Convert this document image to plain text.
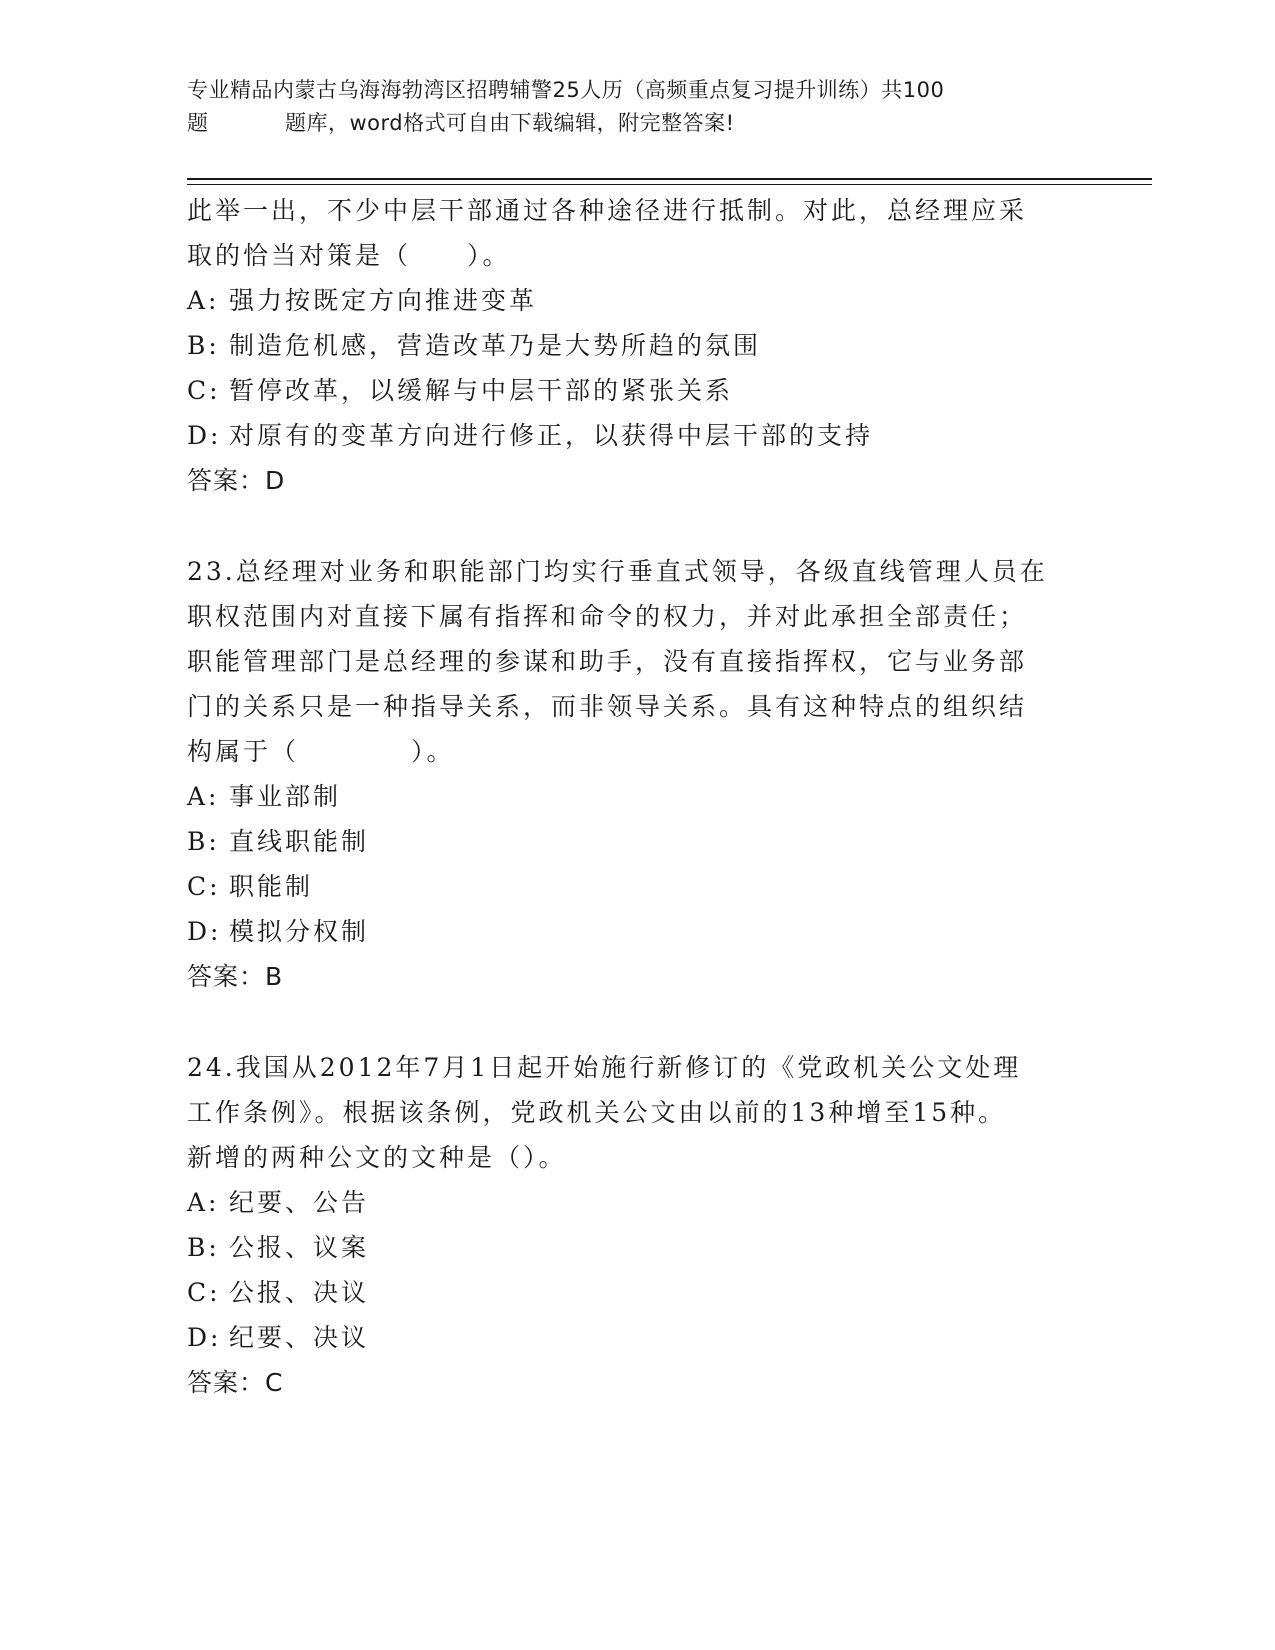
专业精品内蒙古乌海海勃湾区招聘辅警25人历（高频重点复习提升训练）共100
题	题库，word格式可自由下载编辑，附完整答案!

此举一出，不少中层干部通过各种途径进行抵制。对此，总经理应采

取的恰当对策是（　　）。

A: 强力按既定方向推进变革

B: 制造危机感，营造改革乃是大势所趋的氛围

C: 暂停改革，以缓解与中层干部的紧张关系

D: 对原有的变革方向进行修正，以获得中层干部的支持

答案：D

23.总经理对业务和职能部门均实行垂直式领导，各级直线管理人员在

职权范围内对直接下属有指挥和命令的权力，并对此承担全部责任；

职能管理部门是总经理的参谋和助手，没有直接指挥权，它与业务部

门的关系只是一种指导关系，而非领导关系。具有这种特点的组织结

构属于（　　　　）。

A: 事业部制

B: 直线职能制

C: 职能制

D: 模拟分权制

答案：B

24.我国从2012年7月1日起开始施行新修订的《党政机关公文处理

工作条例》。根据该条例，党政机关公文由以前的13种增至15种。

新增的两种公文的文种是（）。

A: 纪要、公告

B: 公报、议案

C: 公报、决议

D: 纪要、决议

答案：C
